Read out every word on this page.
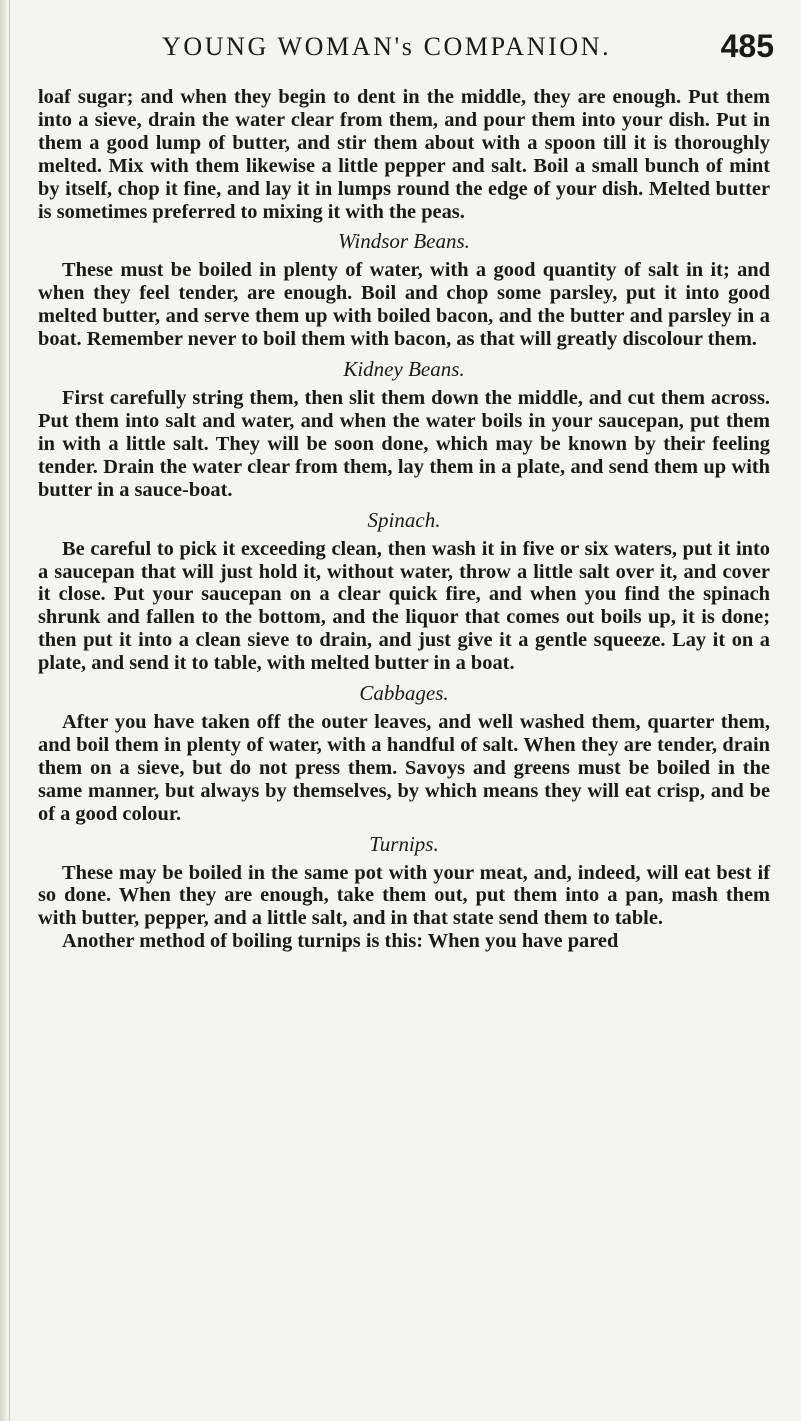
YOUNG WOMAN's COMPANION.	485

loaf sugar; and when they begin to dent in the middle, they are enough. Put them into a sieve, drain the water clear from them, and pour them into your dish. Put in them a good lump of butter, and stir them about with a spoon till it is thoroughly melted. Mix with them likewise a little pepper and salt. Boil a small bunch of mint by itself, chop it fine, and lay it in lumps round the edge of your dish. Melted butter is sometimes preferred to mixing it with the peas.

Windsor Beans.

These must be boiled in plenty of water, with a good quantity of salt in it; and when they feel tender, are enough. Boil and chop some parsley, put it into good melted butter, and serve them up with boiled bacon, and the butter and parsley in a boat. Remember never to boil them with bacon, as that will greatly discolour them.

Kidney Beans.

First carefully string them, then slit them down the middle, and cut them across. Put them into salt and water, and when the water boils in your saucepan, put them in with a little salt. They will be soon done, which may be known by their feeling tender. Drain the water clear from them, lay them in a plate, and send them up with butter in a sauce-boat.

Spinach.

Be careful to pick it exceeding clean, then wash it in five or six waters, put it into a saucepan that will just hold it, without water, throw a little salt over it, and cover it close. Put your saucepan on a clear quick fire, and when you find the spinach shrunk and fallen to the bottom, and the liquor that comes out boils up, it is done; then put it into a clean sieve to drain, and just give it a gentle squeeze. Lay it on a plate, and send it to table, with melted butter in a boat.

Cabbages.

After you have taken off the outer leaves, and well washed them, quarter them, and boil them in plenty of water, with a handful of salt. When they are tender, drain them on a sieve, but do not press them. Savoys and greens must be boiled in the same manner, but always by themselves, by which means they will eat crisp, and be of a good colour.

Turnips.

These may be boiled in the same pot with your meat, and, indeed, will eat best if so done. When they are enough, take them out, put them into a pan, mash them with butter, pepper, and a little salt, and in that state send them to table.

Another method of boiling turnips is this: When you have pared
